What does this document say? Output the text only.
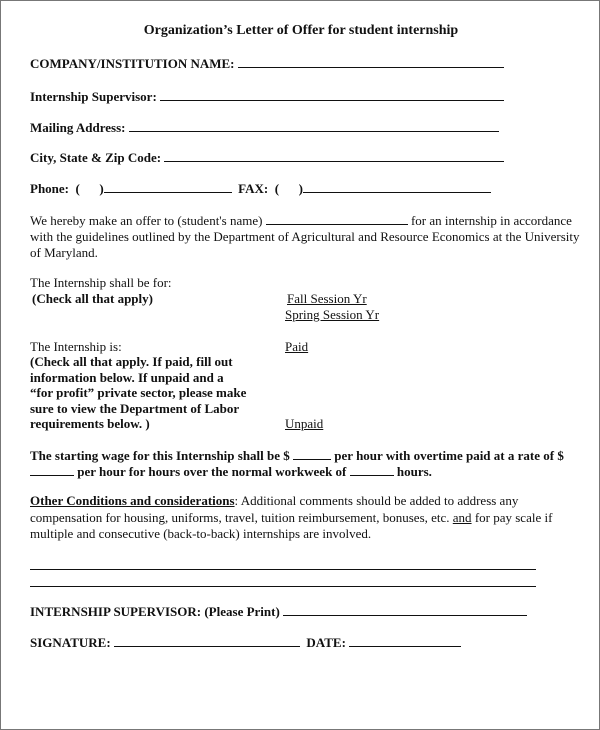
Organization’s Letter of Offer for student internship
COMPANY/INSTITUTION NAME:
Internship Supervisor:
Mailing Address:
City, State & Zip Code:
Phone:  (      )	FAX:  (      )
We hereby make an offer to (student's name)	for an internship in accordance
with the guidelines outlined by the Department of Agricultural and Resource Economics at the University
of Maryland.
The Internship shall be for:
(Check all that apply)	Fall Session Yr
Spring Session Yr
The Internship is:
(Check all that apply. If paid, fill out
information below. If unpaid and a
“for profit” private sector, please make
sure to view the Department of Labor
requirements below. )
Paid
Unpaid
The starting wage for this Internship shall be $	per hour with overtime paid at a rate of $
per hour for hours over the normal workweek of	hours.
Other Conditions and considerations: Additional comments should be added to address any
compensation for housing, uniforms, travel, tuition reimbursement, bonuses, etc. and for pay scale if
multiple and consecutive (back-to-back) internships are involved.
INTERNSHIP SUPERVISOR: (Please Print)
SIGNATURE:	DATE:
